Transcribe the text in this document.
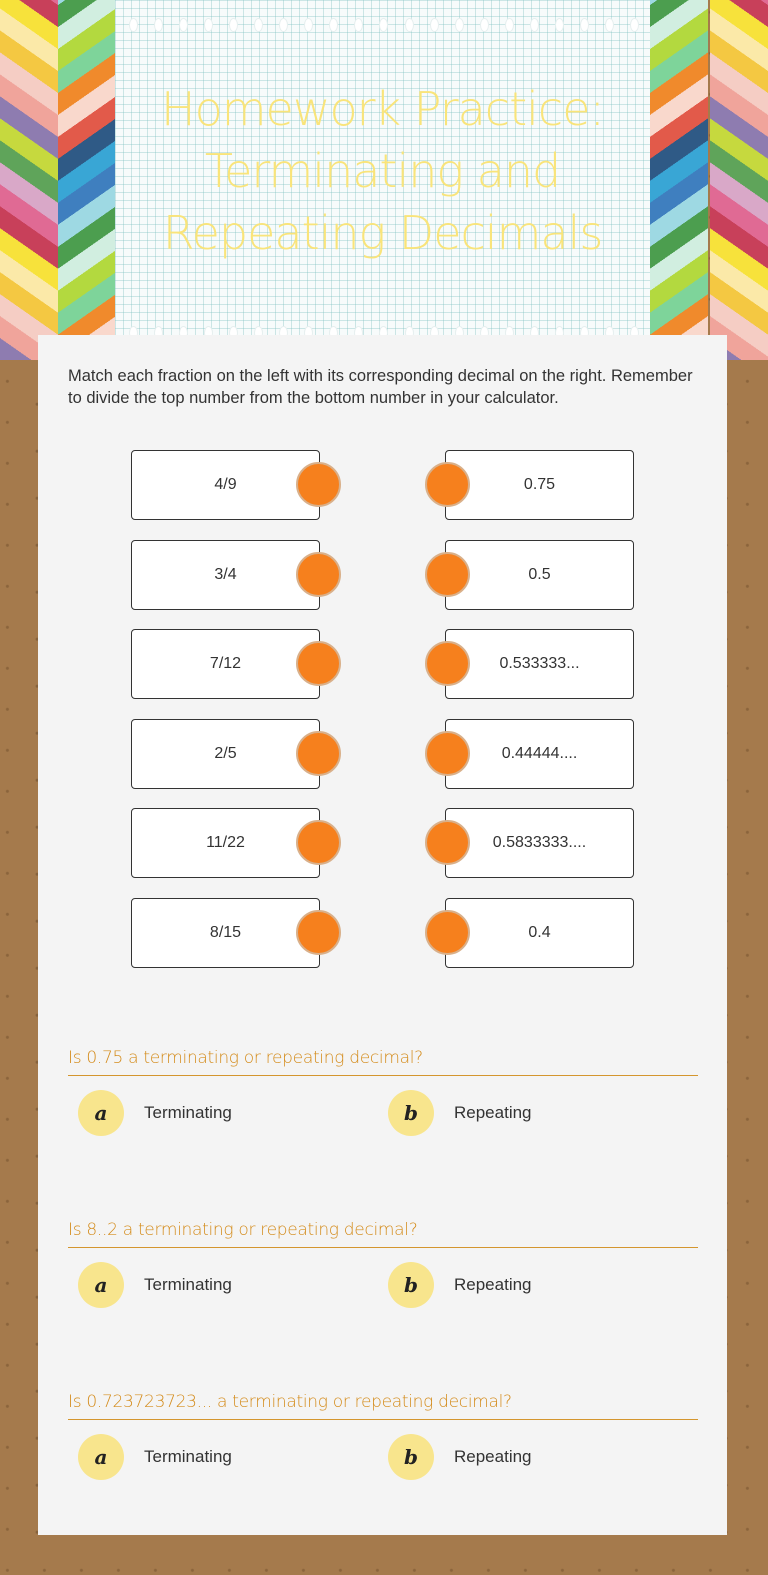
Homework Practice: Terminating and Repeating Decimals
Match each fraction on the left with its corresponding decimal on the right. Remember to divide the top number from the bottom number in your calculator.
4/9	0.75
3/4	0.5
7/12	0.533333...
2/5	0.44444....
11/22	0.5833333....
8/15	0.4
Is 0.75 a terminating or repeating decimal?
a	Terminating	b	Repeating
Is 8..2 a terminating or repeating decimal?
a	Terminating	b	Repeating
Is 0.723723723... a terminating or repeating decimal?
a	Terminating	b	Repeating
